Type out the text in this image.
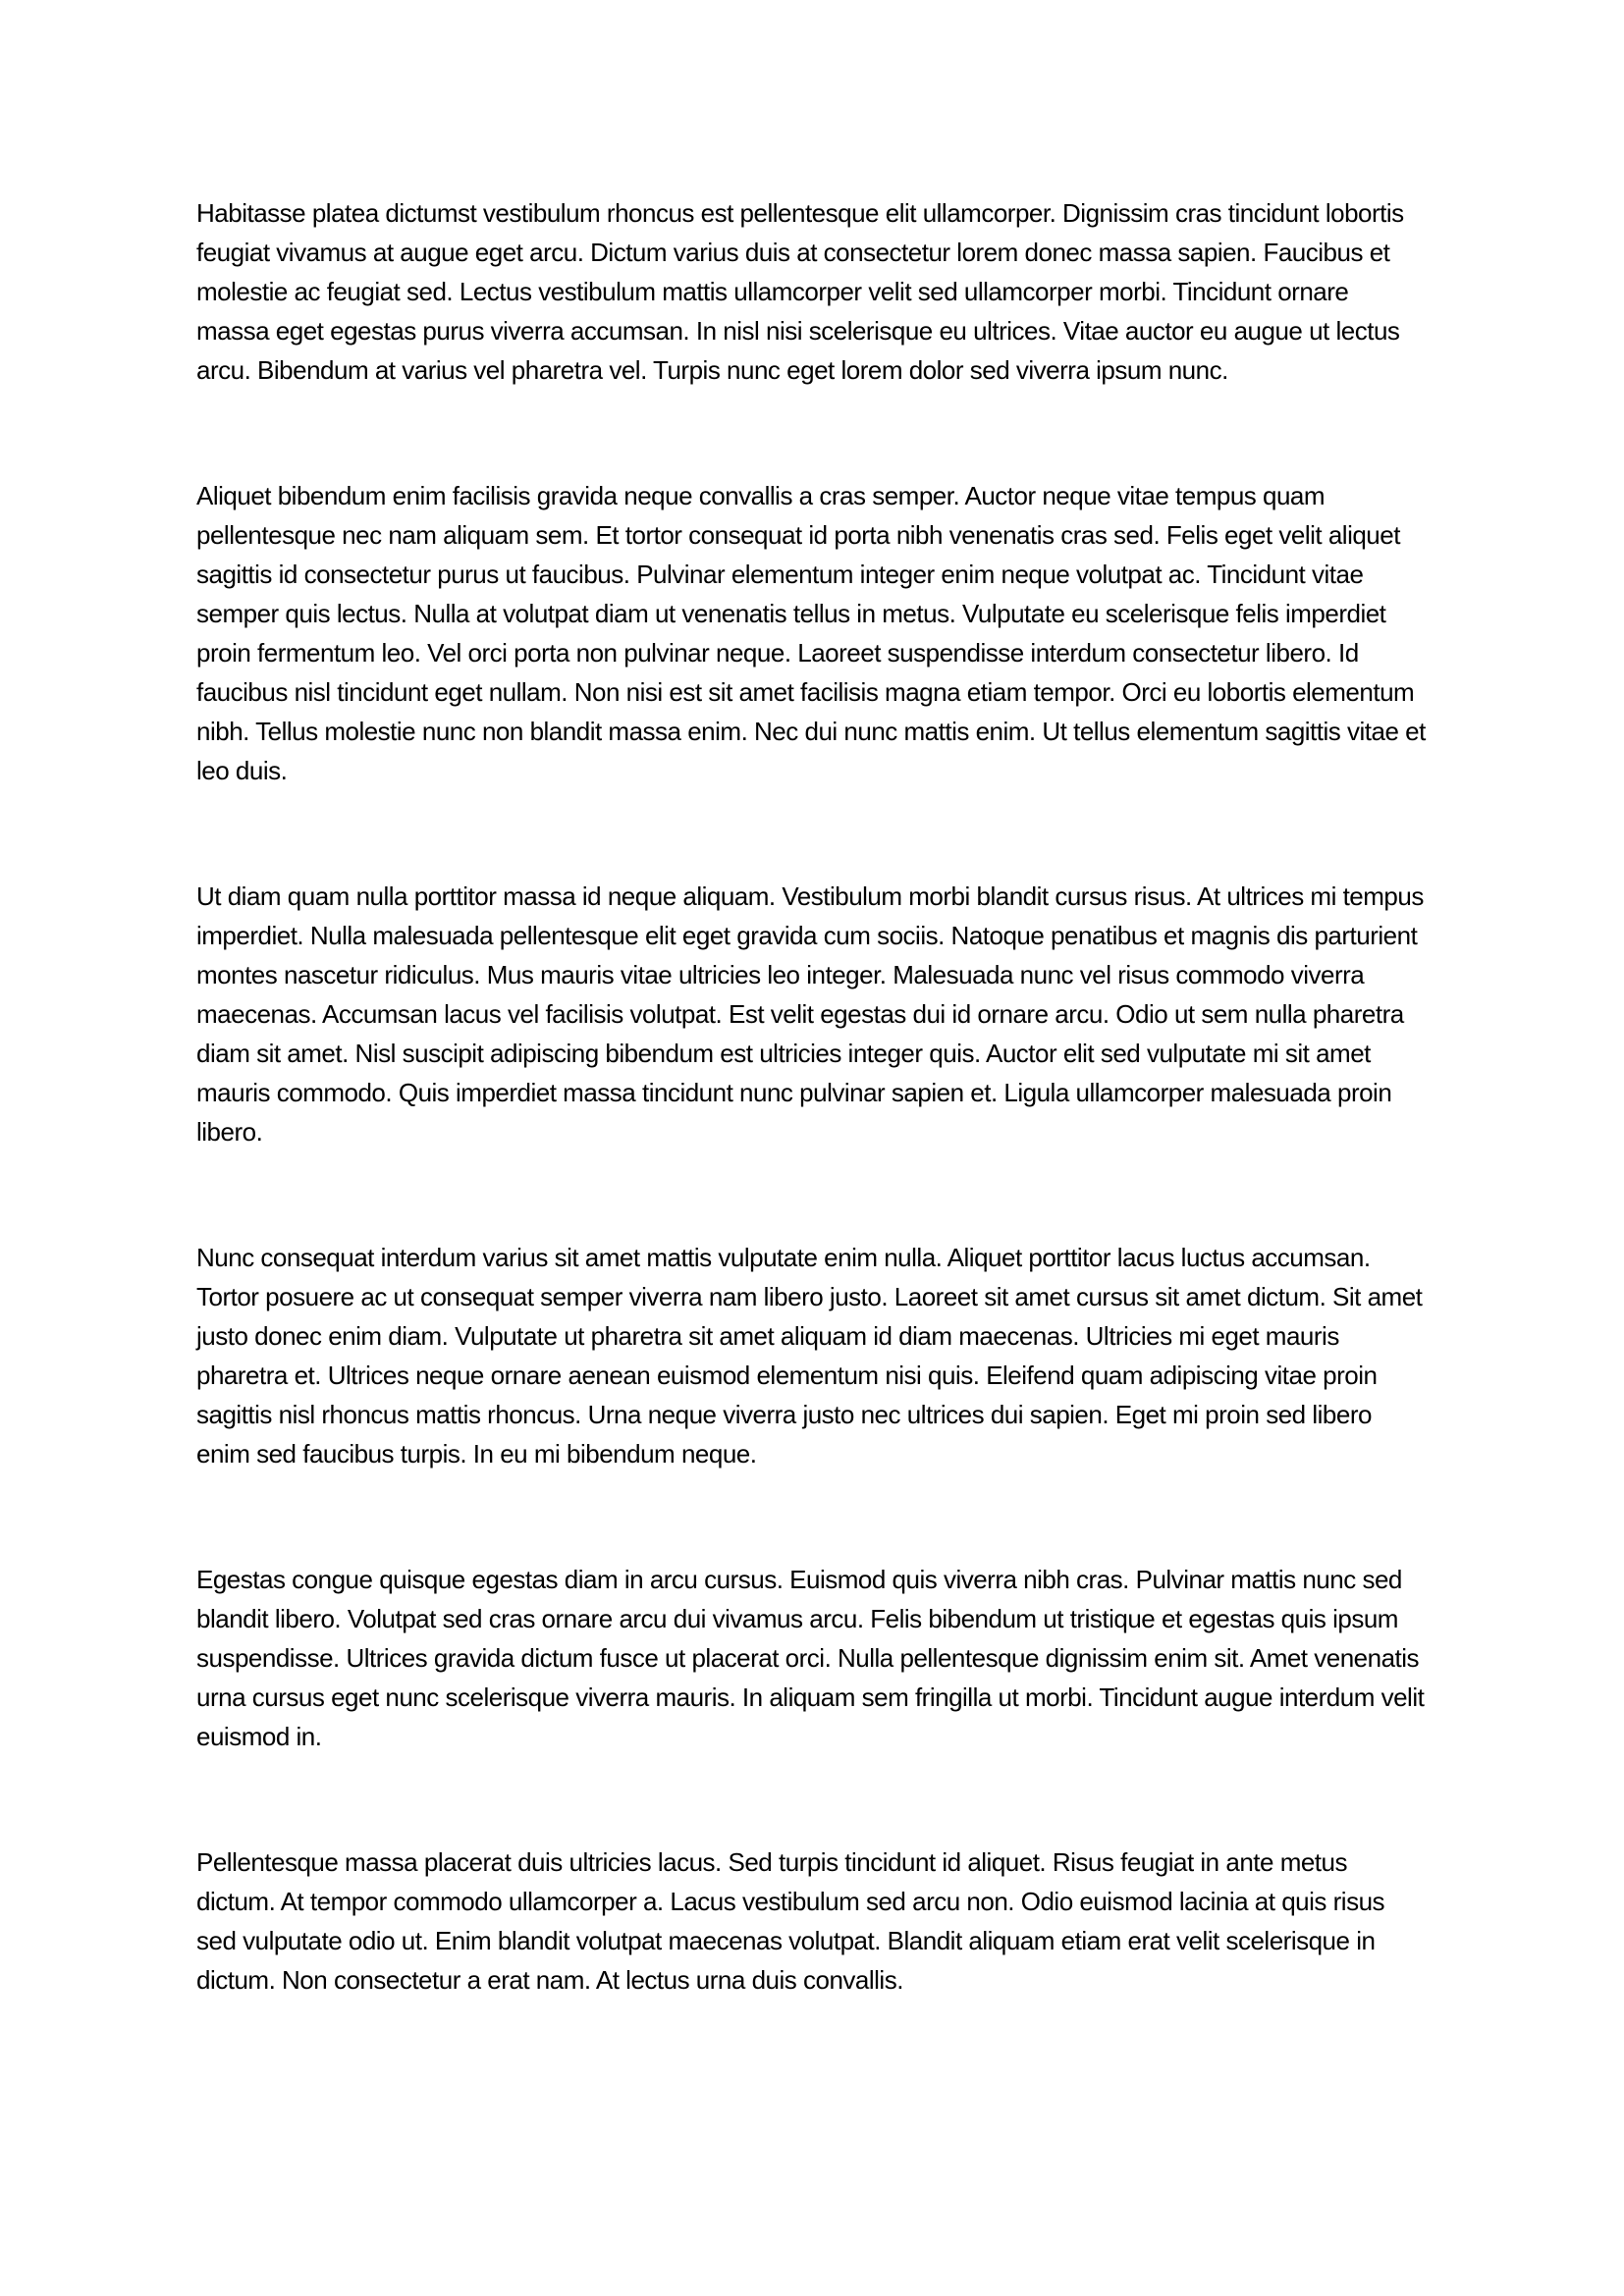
Habitasse platea dictumst vestibulum rhoncus est pellentesque elit ullamcorper. Dignissim cras tincidunt lobortis feugiat vivamus at augue eget arcu. Dictum varius duis at consectetur lorem donec massa sapien. Faucibus et molestie ac feugiat sed. Lectus vestibulum mattis ullamcorper velit sed ullamcorper morbi. Tincidunt ornare massa eget egestas purus viverra accumsan. In nisl nisi scelerisque eu ultrices. Vitae auctor eu augue ut lectus arcu. Bibendum at varius vel pharetra vel. Turpis nunc eget lorem dolor sed viverra ipsum nunc.

Aliquet bibendum enim facilisis gravida neque convallis a cras semper. Auctor neque vitae tempus quam pellentesque nec nam aliquam sem. Et tortor consequat id porta nibh venenatis cras sed. Felis eget velit aliquet sagittis id consectetur purus ut faucibus. Pulvinar elementum integer enim neque volutpat ac. Tincidunt vitae semper quis lectus. Nulla at volutpat diam ut venenatis tellus in metus. Vulputate eu scelerisque felis imperdiet proin fermentum leo. Vel orci porta non pulvinar neque. Laoreet suspendisse interdum consectetur libero. Id faucibus nisl tincidunt eget nullam. Non nisi est sit amet facilisis magna etiam tempor. Orci eu lobortis elementum nibh. Tellus molestie nunc non blandit massa enim. Nec dui nunc mattis enim. Ut tellus elementum sagittis vitae et leo duis.

Ut diam quam nulla porttitor massa id neque aliquam. Vestibulum morbi blandit cursus risus. At ultrices mi tempus imperdiet. Nulla malesuada pellentesque elit eget gravida cum sociis. Natoque penatibus et magnis dis parturient montes nascetur ridiculus. Mus mauris vitae ultricies leo integer. Malesuada nunc vel risus commodo viverra maecenas. Accumsan lacus vel facilisis volutpat. Est velit egestas dui id ornare arcu. Odio ut sem nulla pharetra diam sit amet. Nisl suscipit adipiscing bibendum est ultricies integer quis. Auctor elit sed vulputate mi sit amet mauris commodo. Quis imperdiet massa tincidunt nunc pulvinar sapien et. Ligula ullamcorper malesuada proin libero.

Nunc consequat interdum varius sit amet mattis vulputate enim nulla. Aliquet porttitor lacus luctus accumsan. Tortor posuere ac ut consequat semper viverra nam libero justo. Laoreet sit amet cursus sit amet dictum. Sit amet justo donec enim diam. Vulputate ut pharetra sit amet aliquam id diam maecenas. Ultricies mi eget mauris pharetra et. Ultrices neque ornare aenean euismod elementum nisi quis. Eleifend quam adipiscing vitae proin sagittis nisl rhoncus mattis rhoncus. Urna neque viverra justo nec ultrices dui sapien. Eget mi proin sed libero enim sed faucibus turpis. In eu mi bibendum neque.

Egestas congue quisque egestas diam in arcu cursus. Euismod quis viverra nibh cras. Pulvinar mattis nunc sed blandit libero. Volutpat sed cras ornare arcu dui vivamus arcu. Felis bibendum ut tristique et egestas quis ipsum suspendisse. Ultrices gravida dictum fusce ut placerat orci. Nulla pellentesque dignissim enim sit. Amet venenatis urna cursus eget nunc scelerisque viverra mauris. In aliquam sem fringilla ut morbi. Tincidunt augue interdum velit euismod in.

Pellentesque massa placerat duis ultricies lacus. Sed turpis tincidunt id aliquet. Risus feugiat in ante metus dictum. At tempor commodo ullamcorper a. Lacus vestibulum sed arcu non. Odio euismod lacinia at quis risus sed vulputate odio ut. Enim blandit volutpat maecenas volutpat. Blandit aliquam etiam erat velit scelerisque in dictum. Non consectetur a erat nam. At lectus urna duis convallis.
